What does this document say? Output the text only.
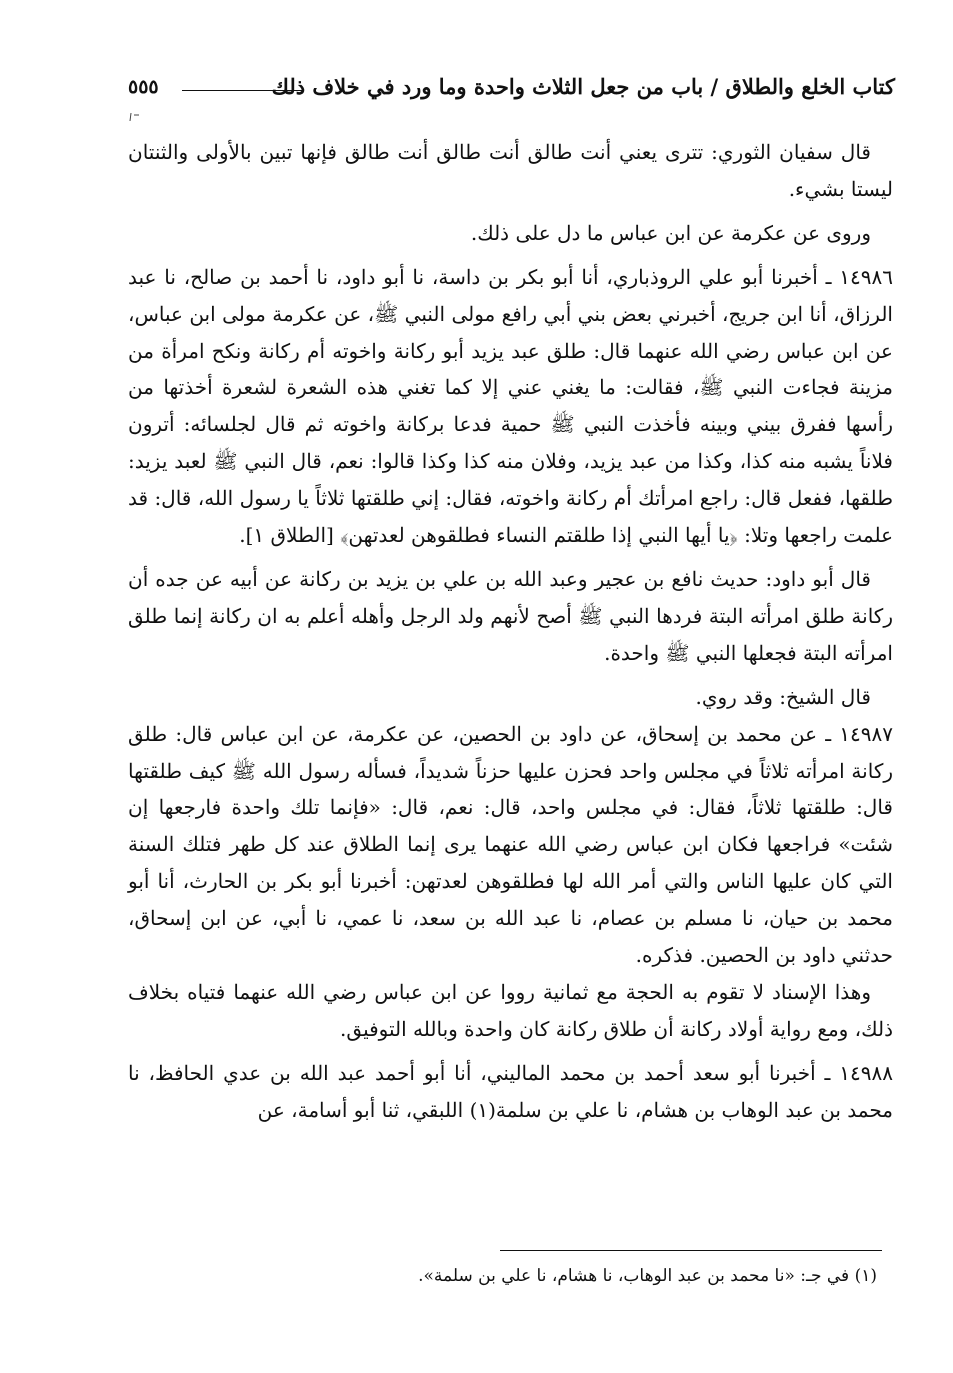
كتاب الخلع والطلاق / باب من جعل الثلاث واحدة وما ورد في خلاف ذلك
٥٥٥

قال سفيان الثوري: تترى يعني أنت طالق أنت طالق أنت طالق فإنها تبين بالأولى والثنتان ليستا بشيء.

وروى عن عكرمة عن ابن عباس ما دل على ذلك.

١٤٩٨٦ ـ أخبرنا أبو علي الروذباري، أنا أبو بكر بن داسة، نا أبو داود، نا أحمد بن صالح، نا عبد الرزاق، أنا ابن جريج، أخبرني بعض بني أبي رافع مولى النبي ﷺ، عن عكرمة مولى ابن عباس، عن ابن عباس رضي الله عنهما قال: طلق عبد يزيد أبو ركانة واخوته أم ركانة ونكح امرأة من مزينة فجاءت النبي ﷺ، فقالت: ما يغني عني إلا كما تغني هذه الشعرة لشعرة أخذتها من رأسها ففرق بيني وبينه فأخذت النبي ﷺ حمية فدعا بركانة واخوته ثم قال لجلسائه: أترون فلاناً يشبه منه كذا، وكذا من عبد يزيد، وفلان منه كذا وكذا قالوا: نعم، قال النبي ﷺ لعبد يزيد: طلقها، ففعل قال: راجع امرأتك أم ركانة واخوته، فقال: إني طلقتها ثلاثاً يا رسول الله، قال: قد علمت راجعها وتلا: ﴿يا أيها النبي إذا طلقتم النساء فطلقوهن لعدتهن﴾ [الطلاق ١].

قال أبو داود: حديث نافع بن عجير وعبد الله بن علي بن يزيد بن ركانة عن أبيه عن جده أن ركانة طلق امرأته البتة فردها النبي ﷺ أصح لأنهم ولد الرجل وأهله أعلم به ان ركانة إنما طلق امرأته البتة فجعلها النبي ﷺ واحدة.

قال الشيخ: وقد روي.

١٤٩٨٧ ـ عن محمد بن إسحاق، عن داود بن الحصين، عن عكرمة، عن ابن عباس قال: طلق ركانة امرأته ثلاثاً في مجلس واحد فحزن عليها حزناً شديداً، فسأله رسول الله ﷺ كيف طلقتها قال: طلقتها ثلاثاً، فقال: في مجلس واحد، قال: نعم، قال: «فإنما تلك واحدة فارجعها إن شئت» فراجعها فكان ابن عباس رضي الله عنهما يرى إنما الطلاق عند كل طهر فتلك السنة التي كان عليها الناس والتي أمر الله لها فطلقوهن لعدتهن: أخبرنا أبو بكر بن الحارث، أنا أبو محمد بن حيان، نا مسلم بن عصام، نا عبد الله بن سعد، نا عمي، نا أبي، عن ابن إسحاق، حدثني داود بن الحصين. فذكره.

وهذا الإسناد لا تقوم به الحجة مع ثمانية رووا عن ابن عباس رضي الله عنهما فتياه بخلاف ذلك، ومع رواية أولاد ركانة أن طلاق ركانة كان واحدة وبالله التوفيق.

١٤٩٨٨ ـ أخبرنا أبو سعد أحمد بن محمد الماليني، أنا أبو أحمد عبد الله بن عدي الحافظ، نا محمد بن عبد الوهاب بن هشام، نا علي بن سلمة(١) اللبقي، ثنا أبو أسامة، عن

(١) في جـ: «نا محمد بن عبد الوهاب، نا هشام، نا علي بن سلمة».
